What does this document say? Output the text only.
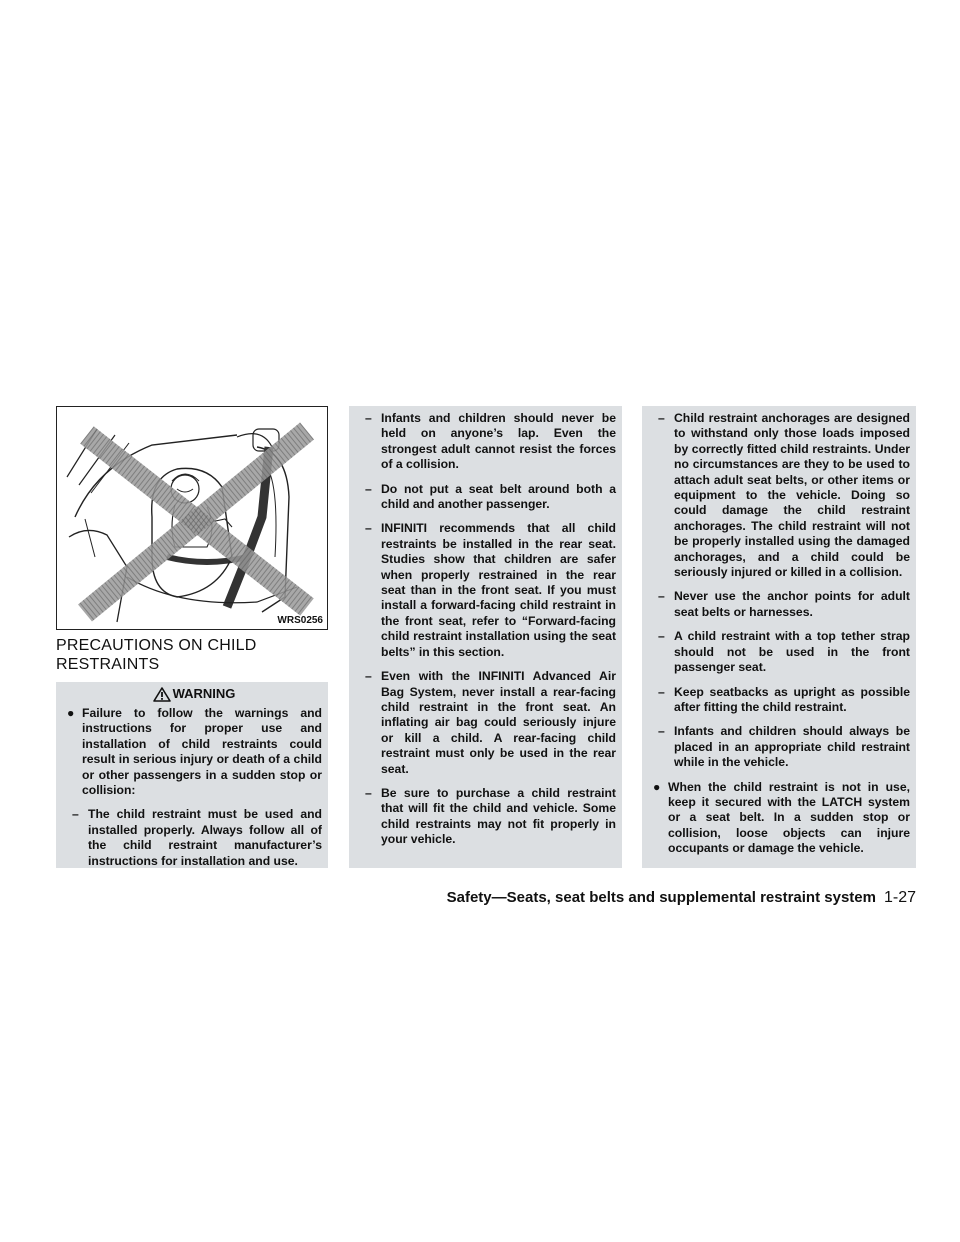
WRS0256
PRECAUTIONS ON CHILD RESTRAINTS
WARNING
● Failure to follow the warnings and instructions for proper use and installation of child restraints could result in serious injury or death of a child or other passengers in a sudden stop or collision:
– The child restraint must be used and installed properly. Always follow all of the child restraint manufacturer’s instructions for installation and use.
– Infants and children should never be held on anyone’s lap. Even the strongest adult cannot resist the forces of a collision.
– Do not put a seat belt around both a child and another passenger.
– INFINITI recommends that all child restraints be installed in the rear seat. Studies show that children are safer when properly restrained in the rear seat than in the front seat. If you must install a forward-facing child restraint in the front seat, refer to “Forward-facing child restraint installation using the seat belts” in this section.
– Even with the INFINITI Advanced Air Bag System, never install a rear-facing child restraint in the front seat. An inflating air bag could seriously injure or kill a child. A rear-facing child restraint must only be used in the rear seat.
– Be sure to purchase a child restraint that will fit the child and vehicle. Some child restraints may not fit properly in your vehicle.
– Child restraint anchorages are designed to withstand only those loads imposed by correctly fitted child restraints. Under no circumstances are they to be used to attach adult seat belts, or other items or equipment to the vehicle. Doing so could damage the child restraint anchorages. The child restraint will not be properly installed using the damaged anchorages, and a child could be seriously injured or killed in a collision.
– Never use the anchor points for adult seat belts or harnesses.
– A child restraint with a top tether strap should not be used in the front passenger seat.
– Keep seatbacks as upright as possible after fitting the child restraint.
– Infants and children should always be placed in an appropriate child restraint while in the vehicle.
● When the child restraint is not in use, keep it secured with the LATCH system or a seat belt. In a sudden stop or collision, loose objects can injure occupants or damage the vehicle.
Safety—Seats, seat belts and supplemental restraint system 1-27
